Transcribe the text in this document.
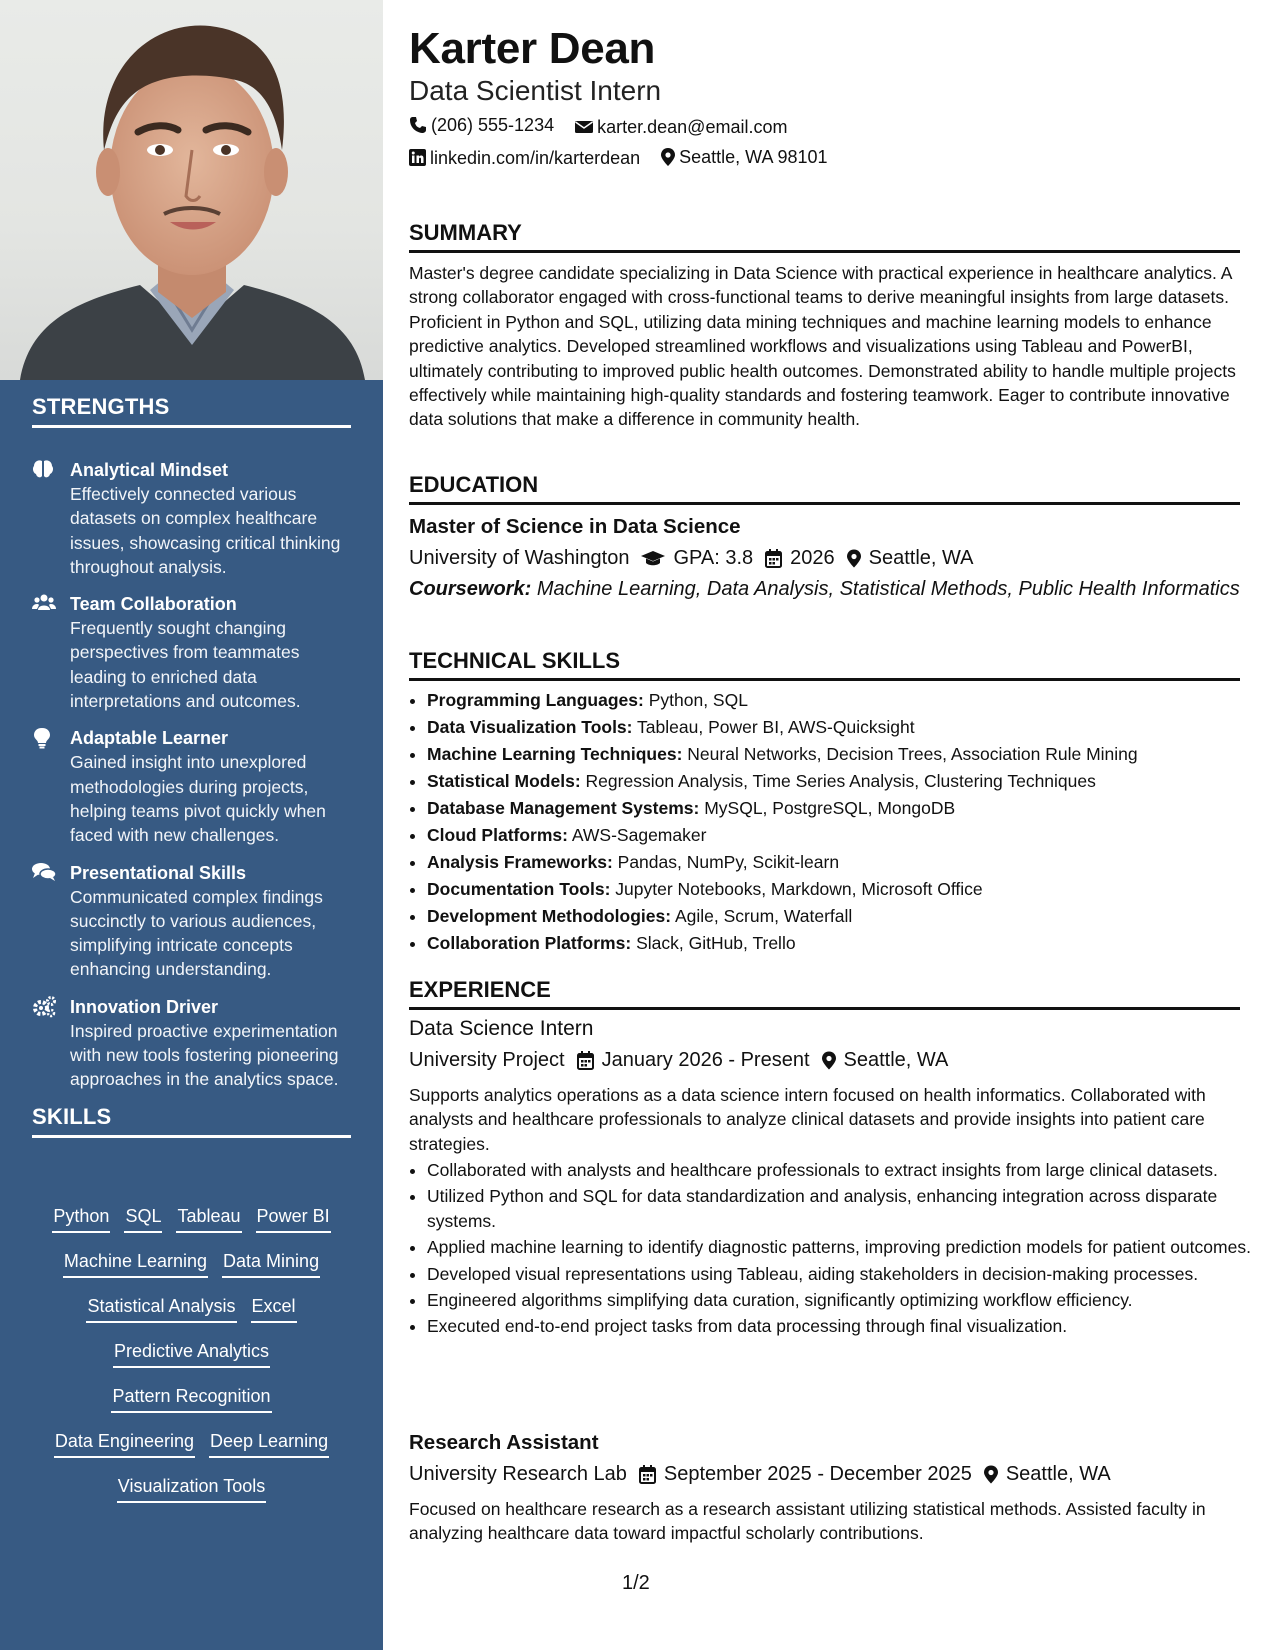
STRENGTHS
Analytical Mindset
Effectively connected various datasets on complex healthcare issues, showcasing critical thinking throughout analysis.
Team Collaboration
Frequently sought changing perspectives from teammates leading to enriched data interpretations and outcomes.
Adaptable Learner
Gained insight into unexplored methodologies during projects, helping teams pivot quickly when faced with new challenges.
Presentational Skills
Communicated complex findings succinctly to various audiences, simplifying intricate concepts enhancing understanding.
Innovation Driver
Inspired proactive experimentation with new tools fostering pioneering approaches in the analytics space.
SKILLS
Python SQL Tableau Power BI
Machine Learning Data Mining
Statistical Analysis Excel
Predictive Analytics
Pattern Recognition
Data Engineering Deep Learning
Visualization Tools
Karter Dean
Data Scientist Intern
(206) 555-1234
karter.dean@email.com
linkedin.com/in/karterdean
Seattle, WA 98101
SUMMARY
Master's degree candidate specializing in Data Science with practical experience in healthcare analytics. A strong collaborator engaged with cross-functional teams to derive meaningful insights from large datasets. Proficient in Python and SQL, utilizing data mining techniques and machine learning models to enhance predictive analytics. Developed streamlined workflows and visualizations using Tableau and PowerBI, ultimately contributing to improved public health outcomes. Demonstrated ability to handle multiple projects effectively while maintaining high-quality standards and fostering teamwork. Eager to contribute innovative data solutions that make a difference in community health.
EDUCATION
Master of Science in Data Science
University of Washington GPA: 3.8 2026 Seattle, WA
Coursework: Machine Learning, Data Analysis, Statistical Methods, Public Health Informatics
TECHNICAL SKILLS
• Programming Languages: Python, SQL
• Data Visualization Tools: Tableau, Power BI, AWS-Quicksight
• Machine Learning Techniques: Neural Networks, Decision Trees, Association Rule Mining
• Statistical Models: Regression Analysis, Time Series Analysis, Clustering Techniques
• Database Management Systems: MySQL, PostgreSQL, MongoDB
• Cloud Platforms: AWS-Sagemaker
• Analysis Frameworks: Pandas, NumPy, Scikit-learn
• Documentation Tools: Jupyter Notebooks, Markdown, Microsoft Office
• Development Methodologies: Agile, Scrum, Waterfall
• Collaboration Platforms: Slack, GitHub, Trello
EXPERIENCE
Data Science Intern
University Project January 2026 - Present Seattle, WA
Supports analytics operations as a data science intern focused on health informatics. Collaborated with analysts and healthcare professionals to analyze clinical datasets and provide insights into patient care strategies.
• Collaborated with analysts and healthcare professionals to extract insights from large clinical datasets.
• Utilized Python and SQL for data standardization and analysis, enhancing integration across disparate systems.
• Applied machine learning to identify diagnostic patterns, improving prediction models for patient outcomes.
• Developed visual representations using Tableau, aiding stakeholders in decision-making processes.
• Engineered algorithms simplifying data curation, significantly optimizing workflow efficiency.
• Executed end-to-end project tasks from data processing through final visualization.
Research Assistant
University Research Lab September 2025 - December 2025 Seattle, WA
Focused on healthcare research as a research assistant utilizing statistical methods. Assisted faculty in analyzing healthcare data toward impactful scholarly contributions.
1/2
